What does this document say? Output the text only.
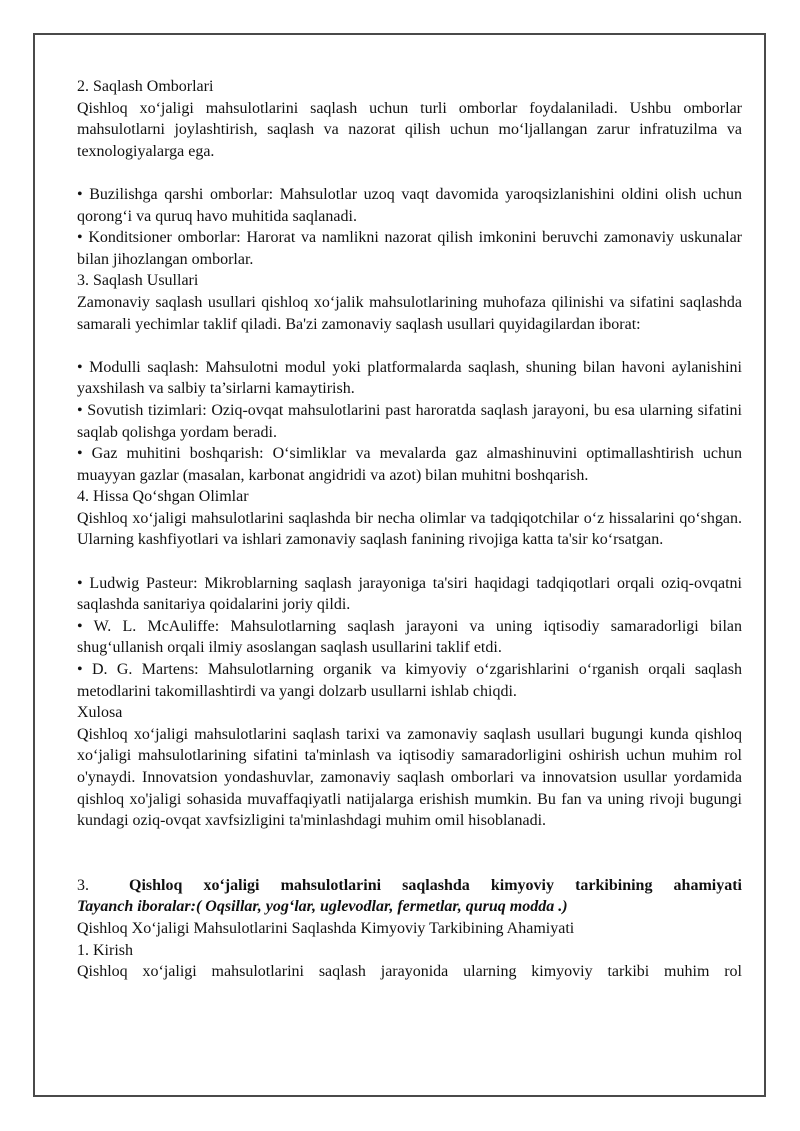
2. Saqlash Omborlari

Qishloq xo‘jaligi mahsulotlarini saqlash uchun turli omborlar foydalaniladi. Ushbu omborlar mahsulotlarni joylashtirish, saqlash va nazorat qilish uchun mo‘ljallangan zarur infratuzilma va texnologiyalarga ega.

• Buzilishga qarshi omborlar: Mahsulotlar uzoq vaqt davomida yaroqsizlanishini oldini olish uchun qorong‘i va quruq havo muhitida saqlanadi.

• Konditsioner omborlar: Harorat va namlikni nazorat qilish imkonini beruvchi zamonaviy uskunalar bilan jihozlangan omborlar.

3. Saqlash Usullari

Zamonaviy saqlash usullari qishloq xo‘jalik mahsulotlarining muhofaza qilinishi va sifatini saqlashda samarali yechimlar taklif qiladi. Ba'zi zamonaviy saqlash usullari quyidagilardan iborat:

• Modulli saqlash: Mahsulotni modul yoki platformalarda saqlash, shuning bilan havoni aylanishini yaxshilash va salbiy ta’sirlarni kamaytirish.

• Sovutish tizimlari: Oziq-ovqat mahsulotlarini past haroratda saqlash jarayoni, bu esa ularning sifatini saqlab qolishga yordam beradi.

• Gaz muhitini boshqarish: O‘simliklar va mevalarda gaz almashinuvini optimallashtirish uchun muayyan gazlar (masalan, karbonat angidridi va azot) bilan muhitni boshqarish.

4. Hissa Qo‘shgan Olimlar

Qishloq xo‘jaligi mahsulotlarini saqlashda bir necha olimlar va tadqiqotchilar o‘z hissalarini qo‘shgan. Ularning kashfiyotlari va ishlari zamonaviy saqlash fanining rivojiga katta ta'sir ko‘rsatgan.

• Ludwig Pasteur: Mikroblarning saqlash jarayoniga ta'siri haqidagi tadqiqotlari orqali oziq-ovqatni saqlashda sanitariya qoidalarini joriy qildi.

• W. L. McAuliffe: Mahsulotlarning saqlash jarayoni va uning iqtisodiy samaradorligi bilan shug‘ullanish orqali ilmiy asoslangan saqlash usullarini taklif etdi.

• D. G. Martens: Mahsulotlarning organik va kimyoviy o‘zgarishlarini o‘rganish orqali saqlash metodlarini takomillashtirdi va yangi dolzarb usullarni ishlab chiqdi.

Xulosa

Qishloq xo‘jaligi mahsulotlarini saqlash tarixi va zamonaviy saqlash usullari bugungi kunda qishloq xo‘jaligi mahsulotlarining sifatini ta'minlash va iqtisodiy samaradorligini oshirish uchun muhim rol o'ynaydi. Innovatsion yondashuvlar, zamonaviy saqlash omborlari va innovatsion usullar yordamida qishloq xo'jaligi sohasida muvaffaqiyatli natijalarga erishish mumkin. Bu fan va uning rivoji bugungi kundagi oziq-ovqat xavfsizligini ta'minlashdagi muhim omil hisoblanadi.

3.	Qishloq xo‘jaligi mahsulotlarini saqlashda kimyoviy tarkibining ahamiyati

Tayanch iboralar:( Oqsillar, yog‘lar, uglevodlar, fermetlar, quruq modda .)

Qishloq Xo‘jaligi Mahsulotlarini Saqlashda Kimyoviy Tarkibining Ahamiyati

1. Kirish

Qishloq xo‘jaligi mahsulotlarini saqlash jarayonida ularning kimyoviy tarkibi muhim rol
